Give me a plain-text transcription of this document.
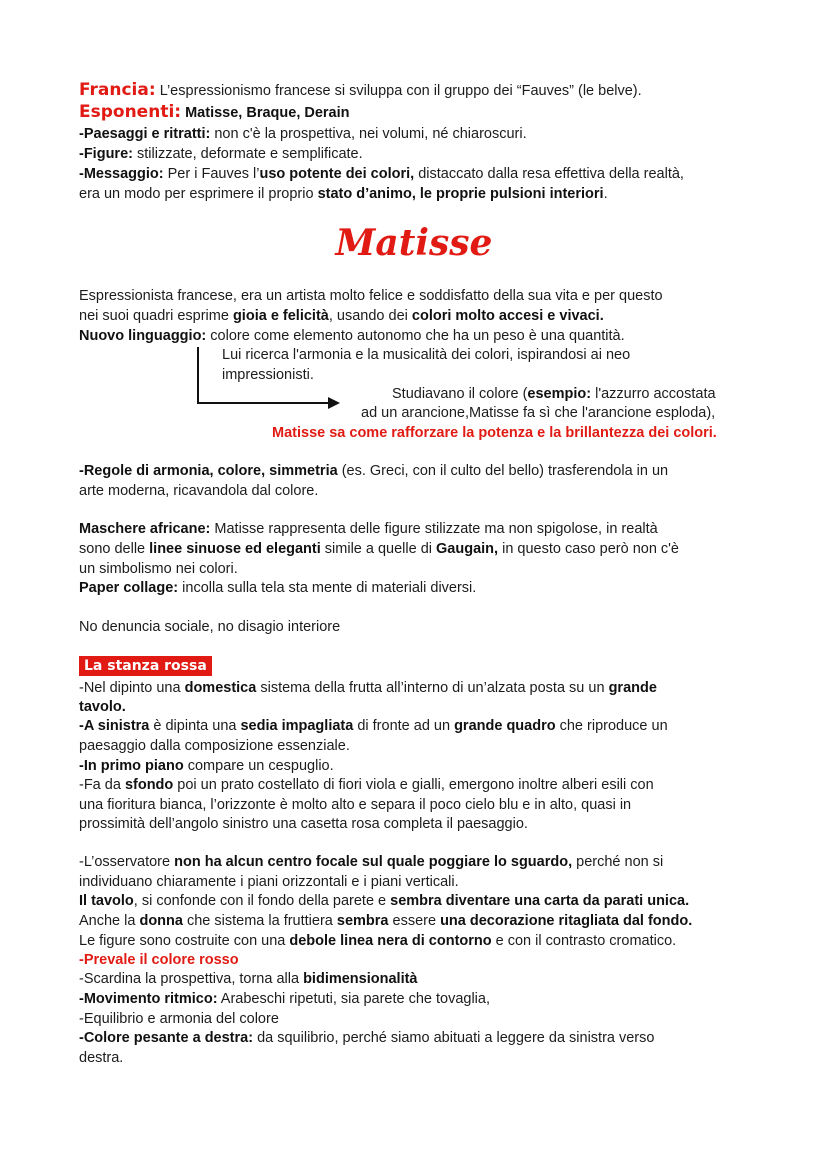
Francia: L’espressionismo francese si sviluppa con il gruppo dei “Fauves” (le belve).
Esponenti: Matisse, Braque, Derain
-Paesaggi e ritratti: non c'è la prospettiva, nei volumi, né chiaroscuri.
-Figure: stilizzate, deformate e semplificate.
-Messaggio: Per i Fauves l’uso potente dei colori, distaccato dalla resa effettiva della realtà,
era un modo per esprimere il proprio stato d’animo, le proprie pulsioni interiori.
Matisse
Espressionista francese, era un artista molto felice e soddisfatto della sua vita e per questo
nei suoi quadri esprime gioia e felicità, usando dei colori molto accesi e vivaci.
Nuovo linguaggio: colore come elemento autonomo che ha un peso è una quantità.
Lui ricerca l'armonia e la musicalità dei colori, ispirandosi ai neo
impressionisti.
Studiavano il colore (esempio: l'azzurro accostata
ad un arancione,Matisse fa sì che l'arancione esploda),
Matisse sa come rafforzare la potenza e la brillantezza dei colori.
-Regole di armonia, colore, simmetria (es. Greci, con il culto del bello) trasferendola in un
arte moderna, ricavandola dal colore.
Maschere africane: Matisse rappresenta delle figure stilizzate ma non spigolose, in realtà
sono delle linee sinuose ed eleganti simile a quelle di Gaugain, in questo caso però non c'è
un simbolismo nei colori.
Paper collage: incolla sulla tela sta mente di materiali diversi.
No denuncia sociale, no disagio interiore
La stanza rossa
-Nel dipinto una domestica sistema della frutta all’interno di un’alzata posta su un grande
tavolo.
-A sinistra è dipinta una sedia impagliata di fronte ad un grande quadro che riproduce un
paesaggio dalla composizione essenziale.
-In primo piano compare un cespuglio.
-Fa da sfondo poi un prato costellato di fiori viola e gialli, emergono inoltre alberi esili con
una fioritura bianca, l’orizzonte è molto alto e separa il poco cielo blu e in alto, quasi in
prossimità dell’angolo sinistro una casetta rosa completa il paesaggio.
-L’osservatore non ha alcun centro focale sul quale poggiare lo sguardo, perché non si
individuano chiaramente i piani orizzontali e i piani verticali.
Il tavolo, si confonde con il fondo della parete e sembra diventare una carta da parati unica.
Anche la donna che sistema la fruttiera sembra essere una decorazione ritagliata dal fondo.
Le figure sono costruite con una debole linea nera di contorno e con il contrasto cromatico.
-Prevale il colore rosso
-Scardina la prospettiva, torna alla bidimensionalità
-Movimento ritmico: Arabeschi ripetuti, sia parete che tovaglia,
-Equilibrio e armonia del colore
-Colore pesante a destra: da squilibrio, perché siamo abituati a leggere da sinistra verso
destra.
